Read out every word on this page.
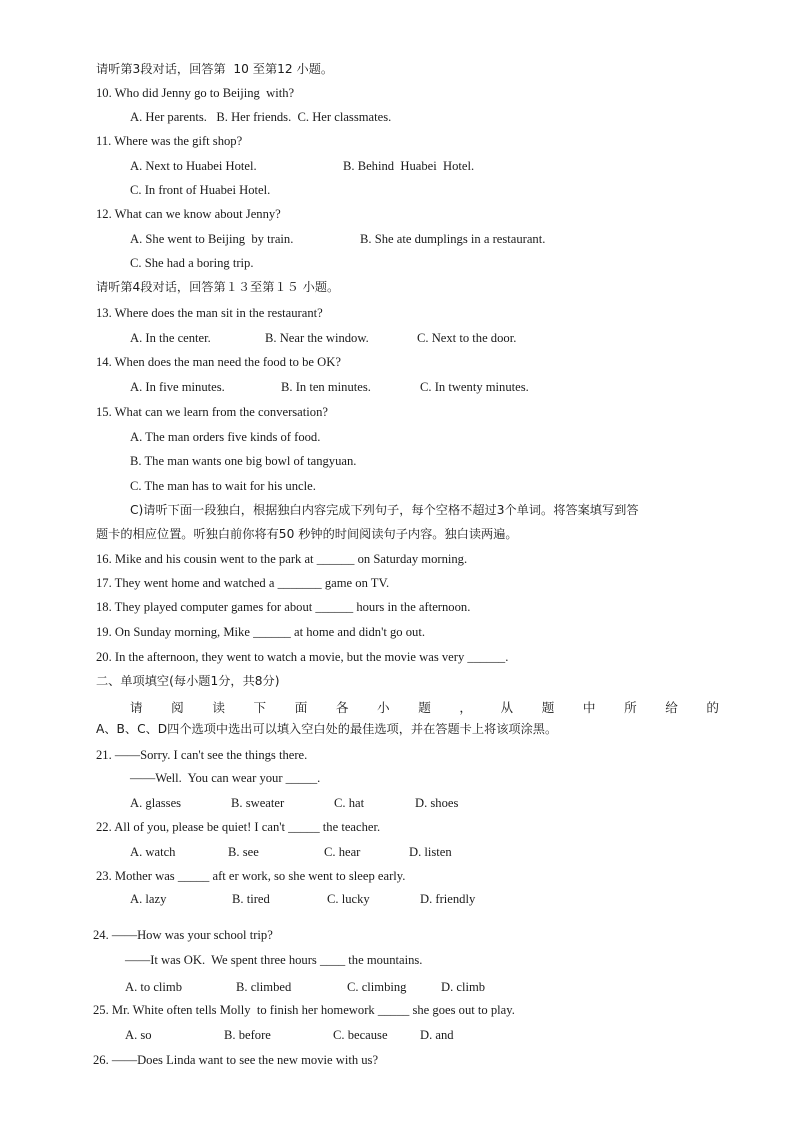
请听第3段对话，回答第  10 至第12 小题。
10. Who did Jenny go to Beijing  with?
A. Her parents.   B. Her friends.  C. Her classmates.
11. Where was the gift shop?
A. Next to Huabei Hotel.	B. Behind  Huabei  Hotel.
C. In front of Huabei Hotel.
12. What can we know about Jenny?
A. She went to Beijing  by train.	B. She ate dumplings in a restaurant.
C. She had a boring trip.
请听第4段对话，回答第１３至第１５ 小题。
13. Where does the man sit in the restaurant?
A. In the center.	B. Near the window.	C. Next to the door.
14. When does the man need the food to be OK?
A. In five minutes.	B. In ten minutes.	C. In twenty minutes.
15. What can we learn from the conversation?
A. The man orders five kinds of food.
B. The man wants one big bowl of tangyuan.
C. The man has to wait for his uncle.
C)请听下面一段独白，根据独白内容完成下列句子，每个空格不超过3个单词。将答案填写到答
题卡的相应位置。听独白前你将有50 秒钟的时间阅读句子内容。独白读两遍。
16. Mike and his cousin went to the park at ______ on Saturday morning.
17. They went home and watched a _______ game on TV.
18. They played computer games for about ______ hours in the afternoon.
19. On Sunday morning, Mike ______ at home and didn't go out.
20. In the afternoon, they went to watch a movie, but the movie was very ______.
二、单项填空(每小题1分，共8分)
请 阅 读 下 面 各 小 题 ， 从 题 中 所 给 的
A、B、C、D四个选项中选出可以填入空白处的最佳选项，并在答题卡上将该项涂黑。
21. ——Sorry. I can't see the things there.
——Well.  You can wear your _____.
A. glasses	B. sweater	C. hat	D. shoes
22. All of you, please be quiet! I can't _____ the teacher.
A. watch	B. see	C. hear	D. listen
23. Mother was _____ aft er work, so she went to sleep early.
A. lazy	B. tired	C. lucky	D. friendly
24. ——How was your school trip?
——It was OK.  We spent three hours ____ the mountains.
A. to climb	B. climbed	C. climbing	D. climb
25. Mr. White often tells Molly  to finish her homework _____ she goes out to play.
A. so	B. before	C. because	D. and
26. ——Does Linda want to see the new movie with us?
